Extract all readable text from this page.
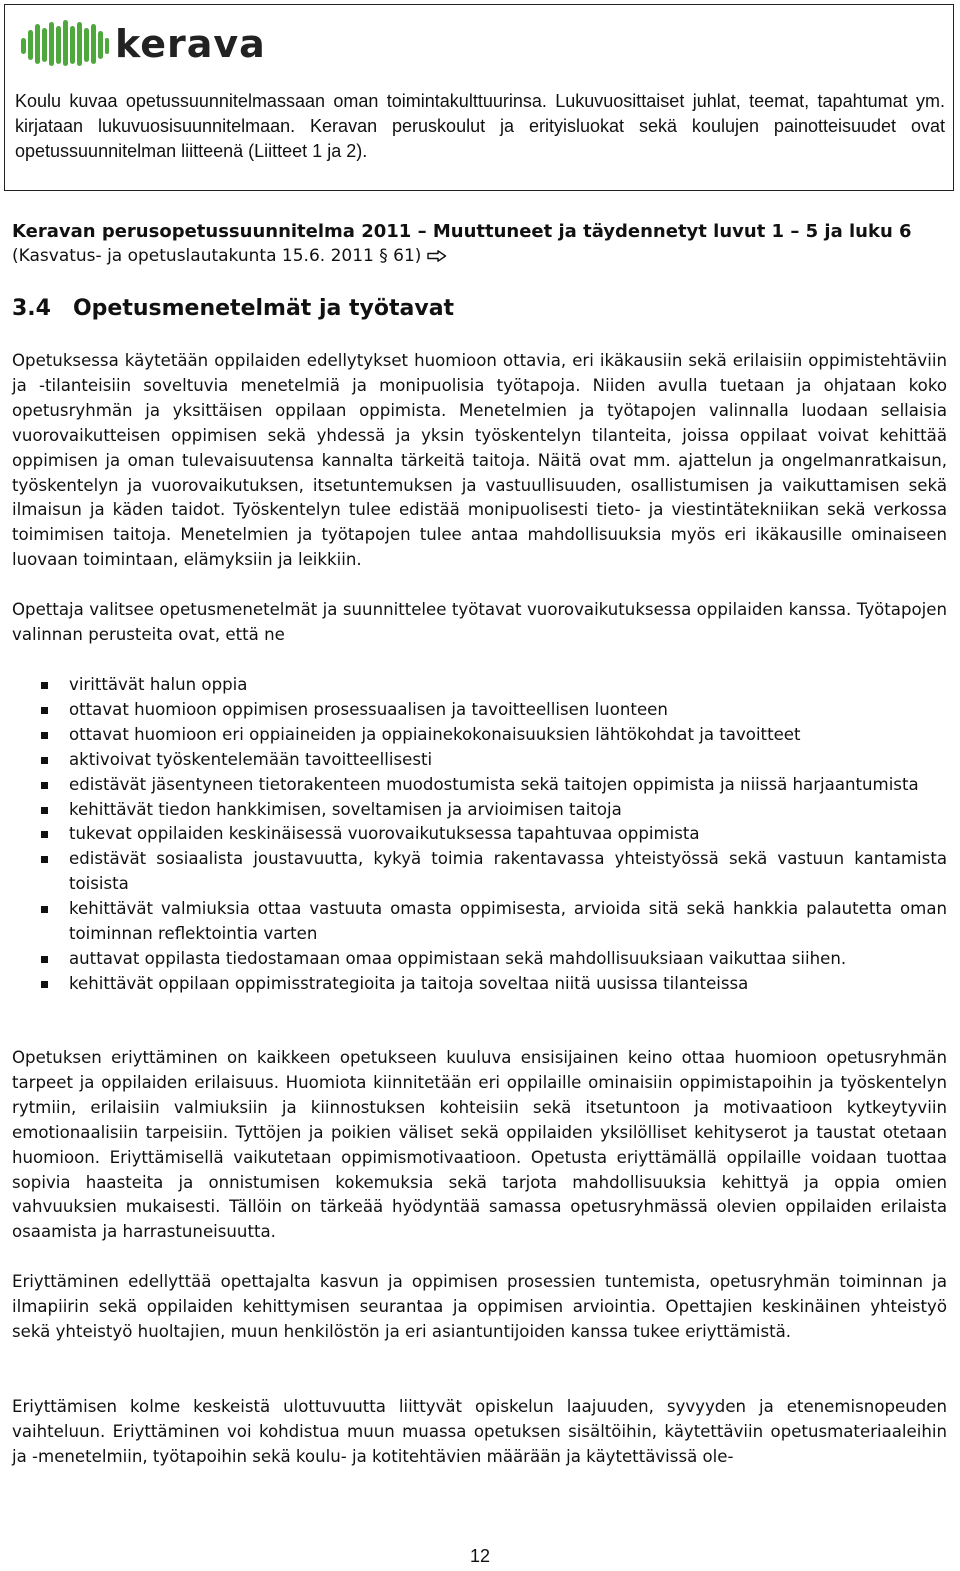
kerava

Koulu kuvaa opetussuunnitelmassaan oman toimintakulttuurinsa. Lukuvuosittaiset juhlat, teemat, tapahtumat ym. kirjataan lukuvuosisuunnitelmaan. Keravan peruskoulut ja erityisluokat sekä koulujen painotteisuudet ovat opetussuunnitelman liitteenä (Liitteet 1 ja 2).

Keravan perusopetussuunnitelma 2011 – Muuttuneet ja täydennetyt luvut 1 – 5 ja luku 6

(Kasvatus- ja opetuslautakunta 15.6. 2011 § 61)

3.4 Opetusmenetelmät ja työtavat

Opetuksessa käytetään oppilaiden edellytykset huomioon ottavia, eri ikäkausiin sekä erilaisiin oppimistehtäviin ja -tilanteisiin soveltuvia menetelmiä ja monipuolisia työtapoja. Niiden avulla tuetaan ja ohjataan koko opetusryhmän ja yksittäisen oppilaan oppimista. Menetelmien ja työtapojen valinnalla luodaan sellaisia vuorovaikutteisen oppimisen sekä yhdessä ja yksin työskentelyn tilanteita, joissa oppilaat voivat kehittää oppimisen ja oman tulevaisuutensa kannalta tärkeitä taitoja. Näitä ovat mm. ajattelun ja ongelmanratkaisun, työskentelyn ja vuorovaikutuksen, itsetuntemuksen ja vastuullisuuden, osallistumisen ja vaikuttamisen sekä ilmaisun ja käden taidot. Työskentelyn tulee edistää monipuolisesti tieto- ja viestintätekniikan sekä verkossa toimimisen taitoja. Menetelmien ja työtapojen tulee antaa mahdollisuuksia myös eri ikäkausille ominaiseen luovaan toimintaan, elämyksiin ja leikkiin.

Opettaja valitsee opetusmenetelmät ja suunnittelee työtavat vuorovaikutuksessa oppilaiden kanssa. Työtapojen valinnan perusteita ovat, että ne

virittävät halun oppia
ottavat huomioon oppimisen prosessuaalisen ja tavoitteellisen luonteen
ottavat huomioon eri oppiaineiden ja oppiainekokonaisuuksien lähtökohdat ja tavoitteet
aktivoivat työskentelemään tavoitteellisesti
edistävät jäsentyneen tietorakenteen muodostumista sekä taitojen oppimista ja niissä harjaantumista
kehittävät tiedon hankkimisen, soveltamisen ja arvioimisen taitoja
tukevat oppilaiden keskinäisessä vuorovaikutuksessa tapahtuvaa oppimista
edistävät sosiaalista joustavuutta, kykyä toimia rakentavassa yhteistyössä sekä vastuun kantamista toisista
kehittävät valmiuksia ottaa vastuuta omasta oppimisesta, arvioida sitä sekä hankkia palautetta oman toiminnan reflektointia varten
auttavat oppilasta tiedostamaan omaa oppimistaan sekä mahdollisuuksiaan vaikuttaa siihen.
kehittävät oppilaan oppimisstrategioita ja taitoja soveltaa niitä uusissa tilanteissa

Opetuksen eriyttäminen on kaikkeen opetukseen kuuluva ensisijainen keino ottaa huomioon opetusryhmän tarpeet ja oppilaiden erilaisuus. Huomiota kiinnitetään eri oppilaille ominaisiin oppimistapoihin ja työskentelyn rytmiin, erilaisiin valmiuksiin ja kiinnostuksen kohteisiin sekä itsetuntoon ja motivaatioon kytkeytyviin emotionaalisiin tarpeisiin. Tyttöjen ja poikien väliset sekä oppilaiden yksilölliset kehityserot ja taustat otetaan huomioon. Eriyttämisellä vaikutetaan oppimismotivaatioon. Opetusta eriyttämällä oppilaille voidaan tuottaa sopivia haasteita ja onnistumisen kokemuksia sekä tarjota mahdollisuuksia kehittyä ja oppia omien vahvuuksien mukaisesti. Tällöin on tärkeää hyödyntää samassa opetusryhmässä olevien oppilaiden erilaista osaamista ja harrastuneisuutta.

Eriyttäminen edellyttää opettajalta kasvun ja oppimisen prosessien tuntemista, opetusryhmän toiminnan ja ilmapiirin sekä oppilaiden kehittymisen seurantaa ja oppimisen arviointia. Opettajien keskinäinen yhteistyö sekä yhteistyö huoltajien, muun henkilöstön ja eri asiantuntijoiden kanssa tukee eriyttämistä.

Eriyttämisen kolme keskeistä ulottuvuutta liittyvät opiskelun laajuuden, syvyyden ja etenemisnopeuden vaihteluun. Eriyttäminen voi kohdistua muun muassa opetuksen sisältöihin, käytettäviin opetusmateriaaleihin ja -menetelmiin, työtapoihin sekä koulu- ja kotitehtävien määrään ja käytettävissä ole-

12
